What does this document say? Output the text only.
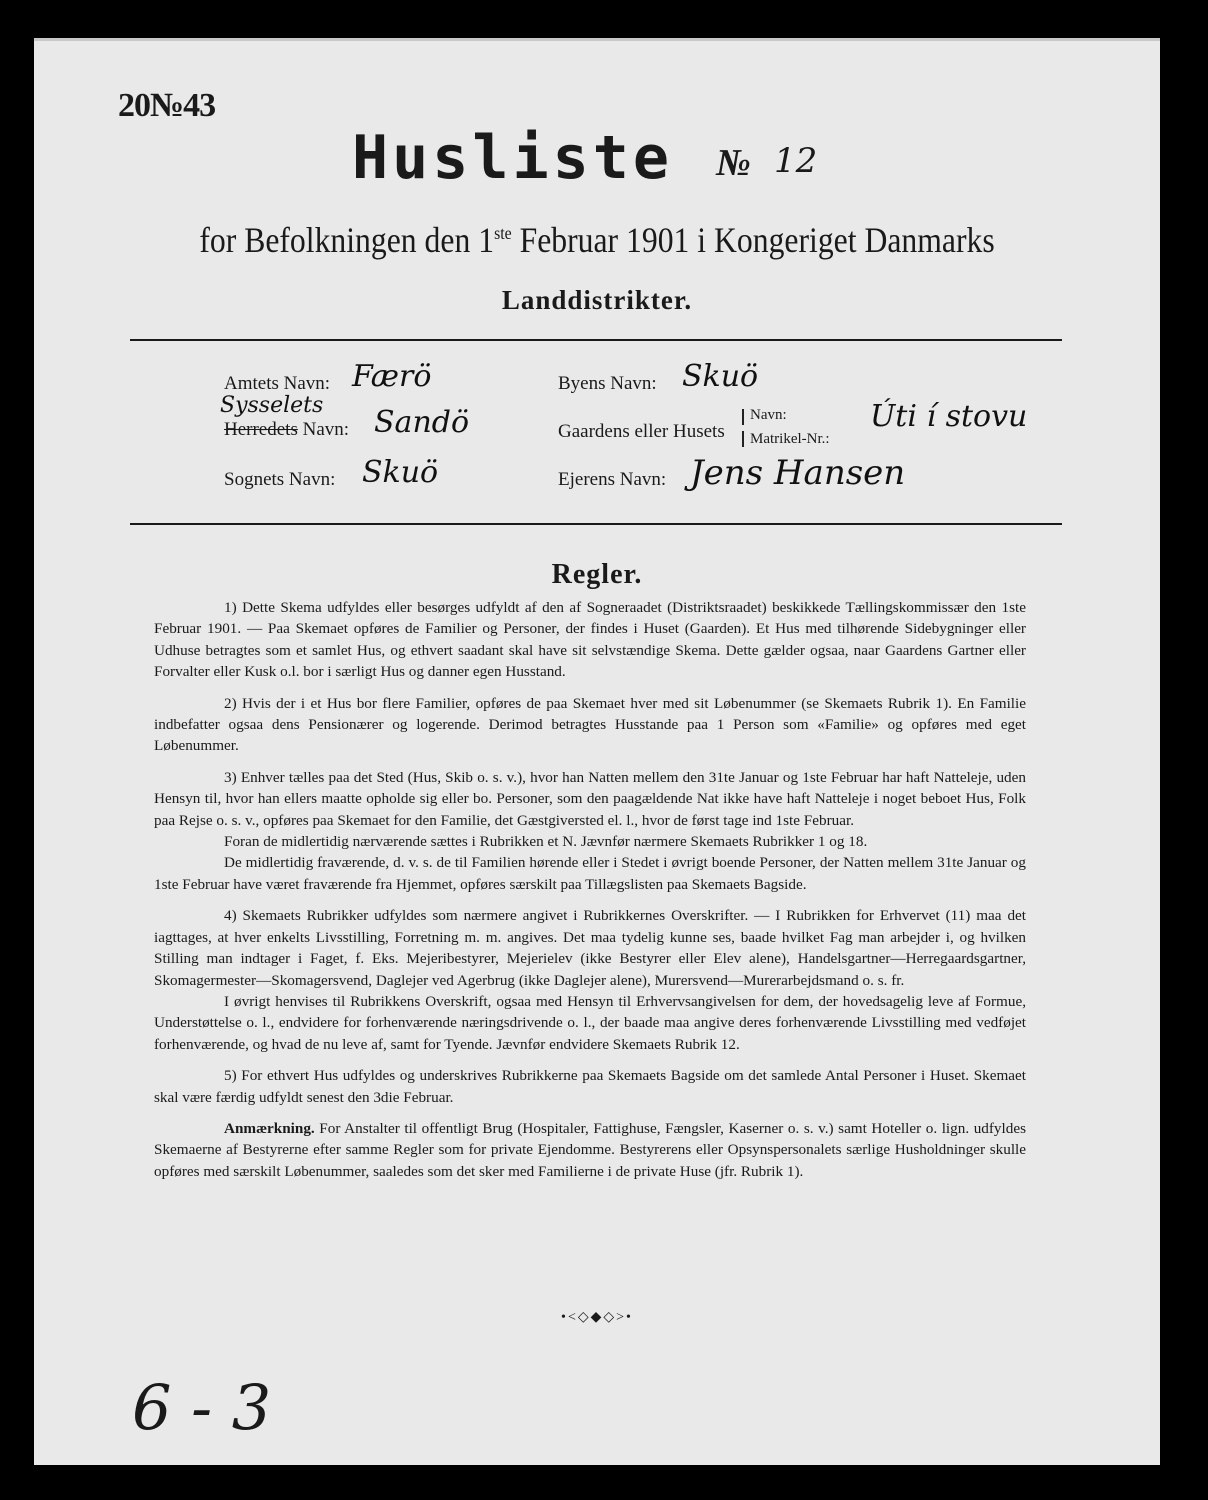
20№43
Husliste № 12
for Befolkningen den 1ste Februar 1901 i Kongeriget Danmarks
Landdistrikter.
Amtets Navn: Færö
Sysselets
Herredets Navn: Sandö
Sognets Navn: Skuö
Byens Navn: Skuö
Gaardens eller Husets
Navn:
Matrikel-Nr.:
Úti í stovu
Ejerens Navn: Jens Hansen
Regler.

1) Dette Skema udfyldes eller besørges udfyldt af den af Sogneraadet (Distriktsraadet) beskikkede Tællingskommissær den 1ste Februar 1901. — Paa Skemaet opføres de Familier og Personer, der findes i Huset (Gaarden). Et Hus med tilhørende Sidebygninger eller Udhuse betragtes som et samlet Hus, og ethvert saadant skal have sit selvstændige Skema. Dette gælder ogsaa, naar Gaardens Gartner eller Forvalter eller Kusk o.l. bor i særligt Hus og danner egen Husstand.

2) Hvis der i et Hus bor flere Familier, opføres de paa Skemaet hver med sit Løbenummer (se Skemaets Rubrik 1). En Familie indbefatter ogsaa dens Pensionærer og logerende. Derimod betragtes Husstande paa 1 Person som «Familie» og opføres med eget Løbenummer.

3) Enhver tælles paa det Sted (Hus, Skib o. s. v.), hvor han Natten mellem den 31te Januar og 1ste Februar har haft Natteleje, uden Hensyn til, hvor han ellers maatte opholde sig eller bo. Personer, som den paagældende Nat ikke have haft Natteleje i noget beboet Hus, Folk paa Rejse o. s. v., opføres paa Skemaet for den Familie, det Gæstgiversted el. l., hvor de først tage ind 1ste Februar.

Foran de midlertidig nærværende sættes i Rubrikken et N. Jævnfør nærmere Skemaets Rubrikker 1 og 18.

De midlertidig fraværende, d. v. s. de til Familien hørende eller i Stedet i øvrigt boende Personer, der Natten mellem 31te Januar og 1ste Februar have været fraværende fra Hjemmet, opføres særskilt paa Tillægslisten paa Skemaets Bagside.

4) Skemaets Rubrikker udfyldes som nærmere angivet i Rubrikkernes Overskrifter. — I Rubrikken for Erhvervet (11) maa det iagttages, at hver enkelts Livsstilling, Forretning m. m. angives. Det maa tydelig kunne ses, baade hvilket Fag man arbejder i, og hvilken Stilling man indtager i Faget, f. Eks. Mejeribestyrer, Mejerielev (ikke Bestyrer eller Elev alene), Handelsgartner—Herregaardsgartner, Skomagermester—Skomagersvend, Daglejer ved Agerbrug (ikke Daglejer alene), Murersvend—Murerarbejdsmand o. s. fr.

I øvrigt henvises til Rubrikkens Overskrift, ogsaa med Hensyn til Erhvervsangivelsen for dem, der hovedsagelig leve af Formue, Understøttelse o. l., endvidere for forhenværende næringsdrivende o. l., der baade maa angive deres forhenværende Livsstilling med vedføjet forhenværende, og hvad de nu leve af, samt for Tyende. Jævnfør endvidere Skemaets Rubrik 12.

5) For ethvert Hus udfyldes og underskrives Rubrikkerne paa Skemaets Bagside om det samlede Antal Personer i Huset. Skemaet skal være færdig udfyldt senest den 3die Februar.

Anmærkning. For Anstalter til offentligt Brug (Hospitaler, Fattighuse, Fængsler, Kaserner o. s. v.) samt Hoteller o. lign. udfyldes Skemaerne af Bestyrerne efter samme Regler som for private Ejendomme. Bestyrerens eller Opsynspersonalets særlige Husholdninger skulle opføres med særskilt Løbenummer, saaledes som det sker med Familierne i de private Huse (jfr. Rubrik 1).

•<◇◆◇>•
6 - 3
